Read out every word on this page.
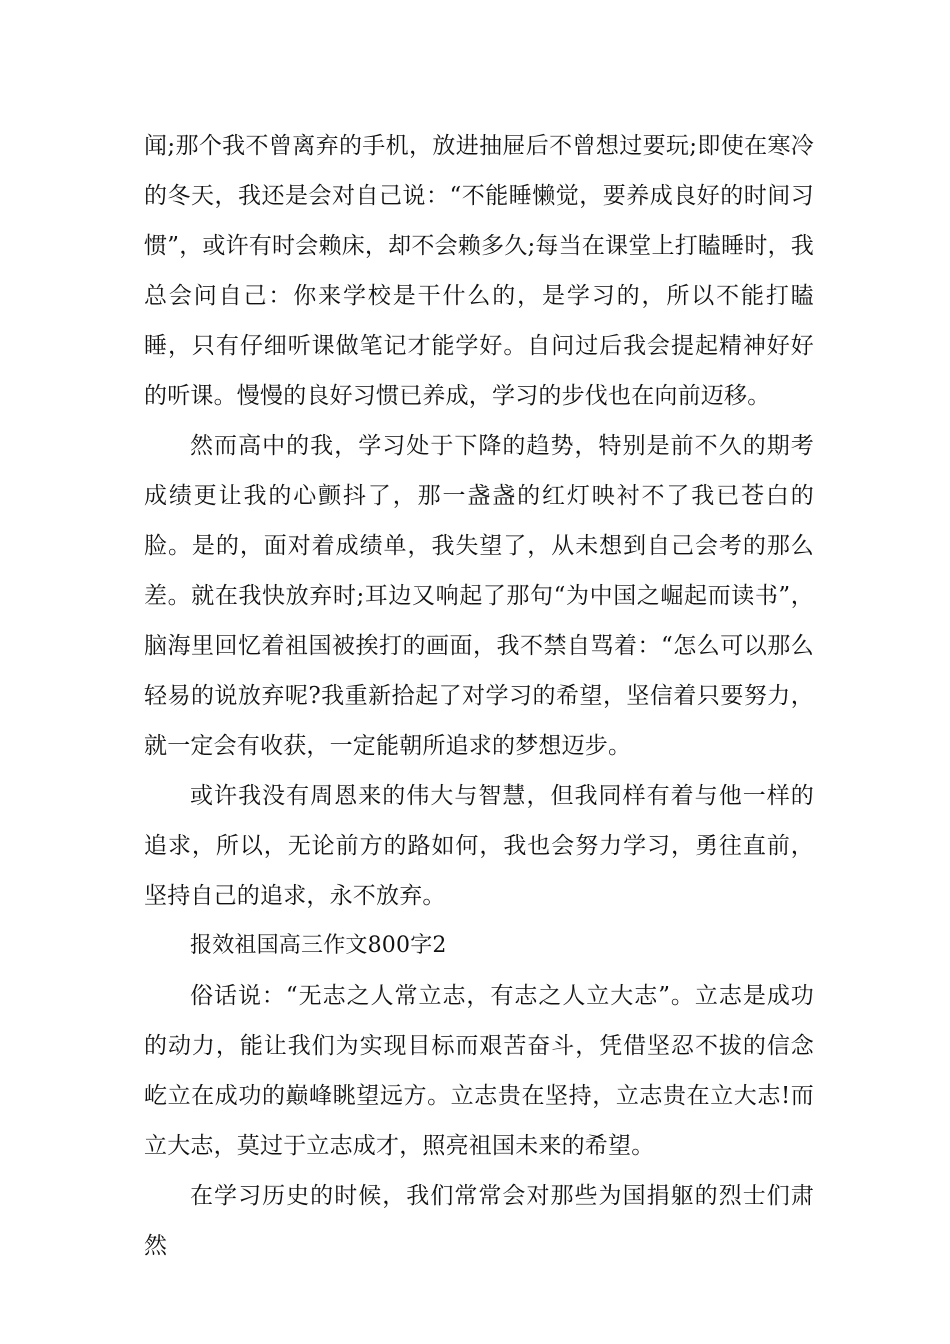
闻;那个我不曾离弃的手机，放进抽屉后不曾想过要玩;即使在寒冷的冬天，我还是会对自己说：“不能睡懒觉，要养成良好的时间习惯”，或许有时会赖床，却不会赖多久;每当在课堂上打瞌睡时，我总会问自己：你来学校是干什么的，是学习的，所以不能打瞌睡，只有仔细听课做笔记才能学好。自问过后我会提起精神好好的听课。慢慢的良好习惯已养成，学习的步伐也在向前迈移。

然而高中的我，学习处于下降的趋势，特别是前不久的期考成绩更让我的心颤抖了，那一盏盏的红灯映衬不了我已苍白的脸。是的，面对着成绩单，我失望了，从未想到自己会考的那么差。就在我快放弃时;耳边又响起了那句“为中国之崛起而读书”，脑海里回忆着祖国被挨打的画面，我不禁自骂着：“怎么可以那么轻易的说放弃呢?我重新拾起了对学习的希望，坚信着只要努力，就一定会有收获，一定能朝所追求的梦想迈步。

或许我没有周恩来的伟大与智慧，但我同样有着与他一样的追求，所以，无论前方的路如何，我也会努力学习，勇往直前，坚持自己的追求，永不放弃。

报效祖国高三作文800字2

俗话说：“无志之人常立志，有志之人立大志”。立志是成功的动力，能让我们为实现目标而艰苦奋斗，凭借坚忍不拔的信念屹立在成功的巅峰眺望远方。立志贵在坚持，立志贵在立大志!而立大志，莫过于立志成才，照亮祖国未来的希望。

在学习历史的时候，我们常常会对那些为国捐躯的烈士们肃然
